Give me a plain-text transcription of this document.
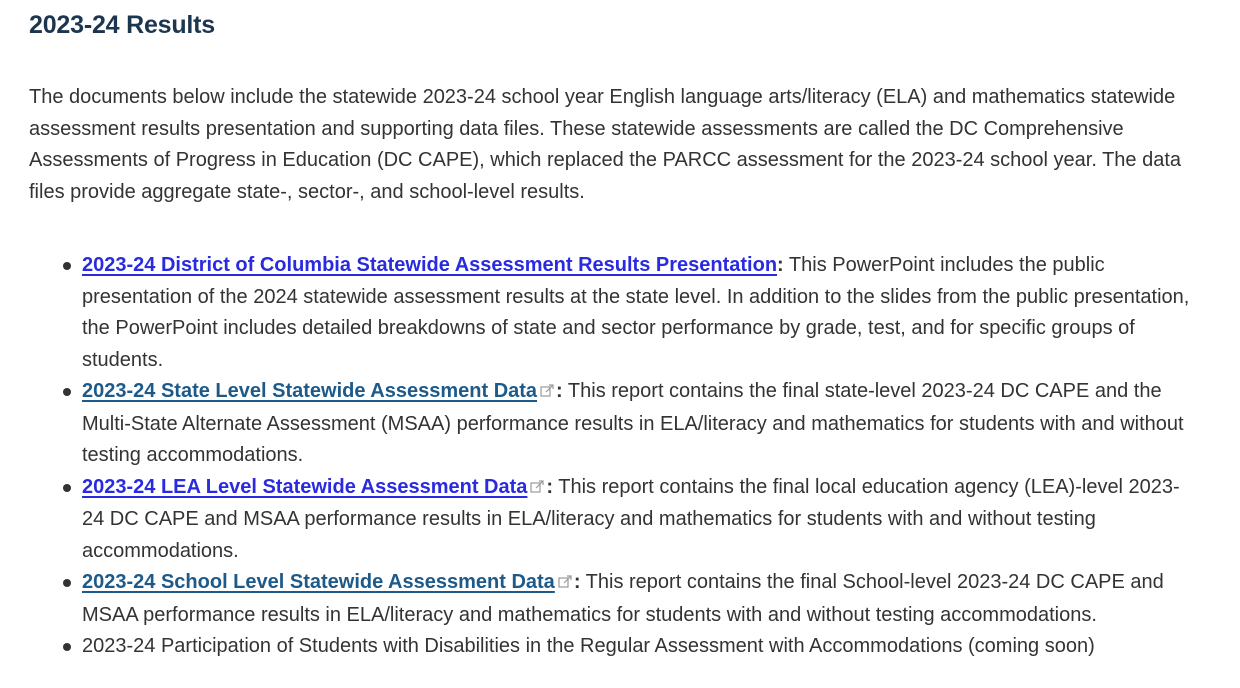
2023-24 Results

The documents below include the statewide 2023-24 school year English language arts/literacy (ELA) and mathematics statewide assessment results presentation and supporting data files. These statewide assessments are called the DC Comprehensive Assessments of Progress in Education (DC CAPE), which replaced the PARCC assessment for the 2023-24 school year. The data files provide aggregate state-, sector-, and school-level results.

2023-24 District of Columbia Statewide Assessment Results Presentation: This PowerPoint includes the public presentation of the 2024 statewide assessment results at the state level. In addition to the slides from the public presentation, the PowerPoint includes detailed breakdowns of state and sector performance by grade, test, and for specific groups of students.
2023-24 State Level Statewide Assessment Data : This report contains the final state-level 2023-24 DC CAPE and the Multi-State Alternate Assessment (MSAA) performance results in ELA/literacy and mathematics for students with and without testing accommodations.
2023-24 LEA Level Statewide Assessment Data : This report contains the final local education agency (LEA)-level 2023-24 DC CAPE and MSAA performance results in ELA/literacy and mathematics for students with and without testing accommodations.
2023-24 School Level Statewide Assessment Data : This report contains the final School-level 2023-24 DC CAPE and MSAA performance results in ELA/literacy and mathematics for students with and without testing accommodations.
2023-24 Participation of Students with Disabilities in the Regular Assessment with Accommodations (coming soon)
